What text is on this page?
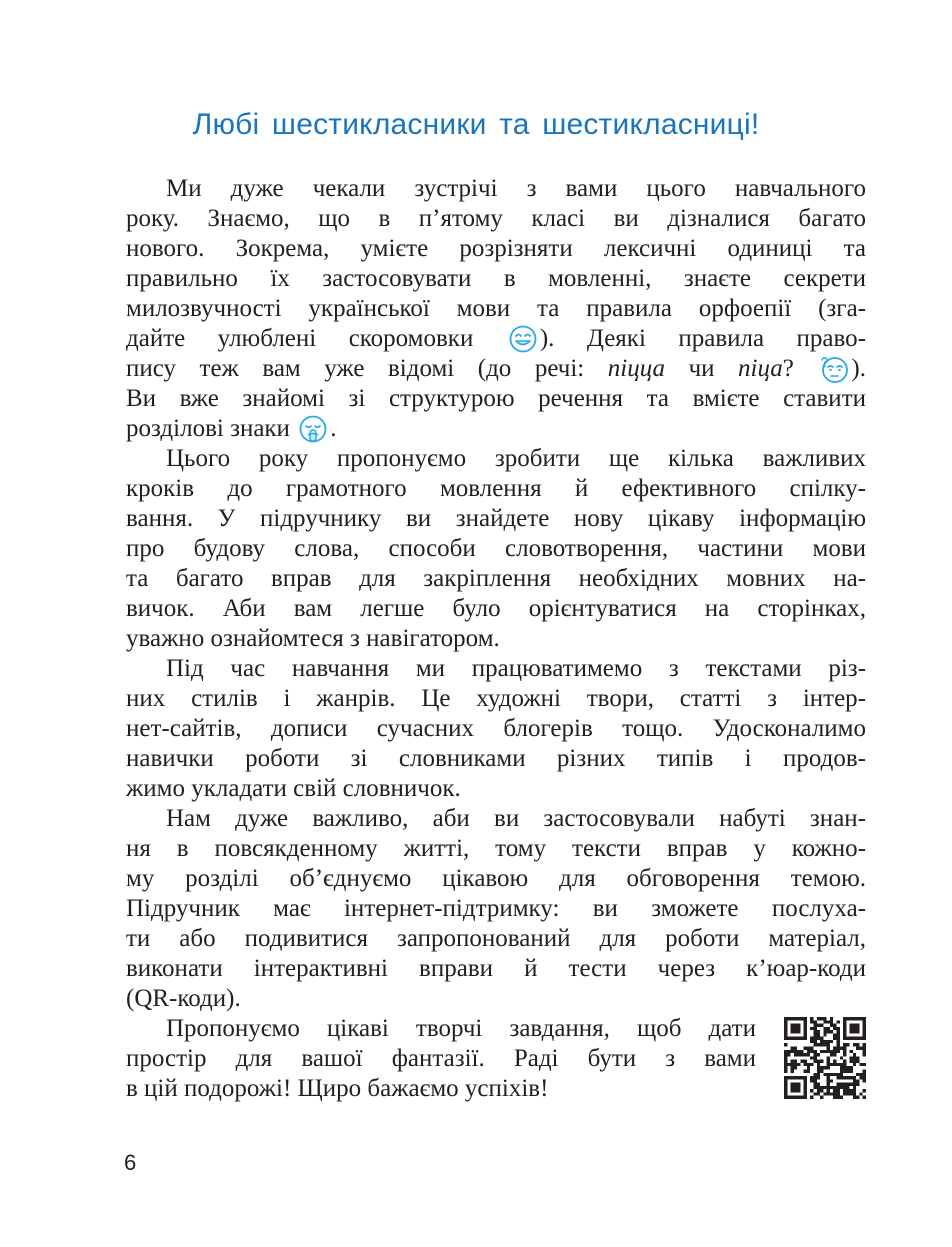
Любі шестикласники та шестикласниці!
Ми дуже чекали зустрічі з вами цього навчального
року. Знаємо, що в п’ятому класі ви дізналися багато
нового. Зокрема, умієте розрізняти лексичні одиниці та
правильно їх застосовувати в мовленні, знаєте секрети
милозвучності української мови та правила орфоепії (зга-
дайте улюблені скоромовки	). Деякі правила право-
пису теж вам уже відомі (до речі: піцца чи піца? ).
Ви вже знайомі зі структурою речення та вмієте ставити
розділові знаки .
Цього року пропонуємо зробити ще кілька важливих
кроків до грамотного мовлення й ефективного спілку-
вання. У підручнику ви знайдете нову цікаву інформацію
про будову слова, способи словотворення, частини мови
та багато вправ для закріплення необхідних мовних на-
вичок. Аби вам легше було орієнтуватися на сторінках,
уважно ознайомтеся з навігатором.
Під час навчання ми працюватимемо з текстами різ-
них стилів і жанрів. Це художні твори, статті з інтер-
нет-сайтів, дописи сучасних блогерів тощо. Удосконалимо
навички роботи зі словниками різних типів і продов-
жимо укладати свій словничок.
Нам дуже важливо, аби ви застосовували набуті знан-
ня в повсякденному житті, тому тексти вправ у кожно-
му розділі об’єднуємо цікавою для обговорення темою.
Підручник має інтернет-підтримку: ви зможете послуха-
ти або подивитися запропонований для роботи матеріал,
виконати інтерактивні вправи й тести через к’юар-коди
(QR-коди).
Пропонуємо цікаві творчі завдання, щоб дати
простір для вашої фантазії. Раді бути з вами
в цій подорожі! Щиро бажаємо успіхів!
6
